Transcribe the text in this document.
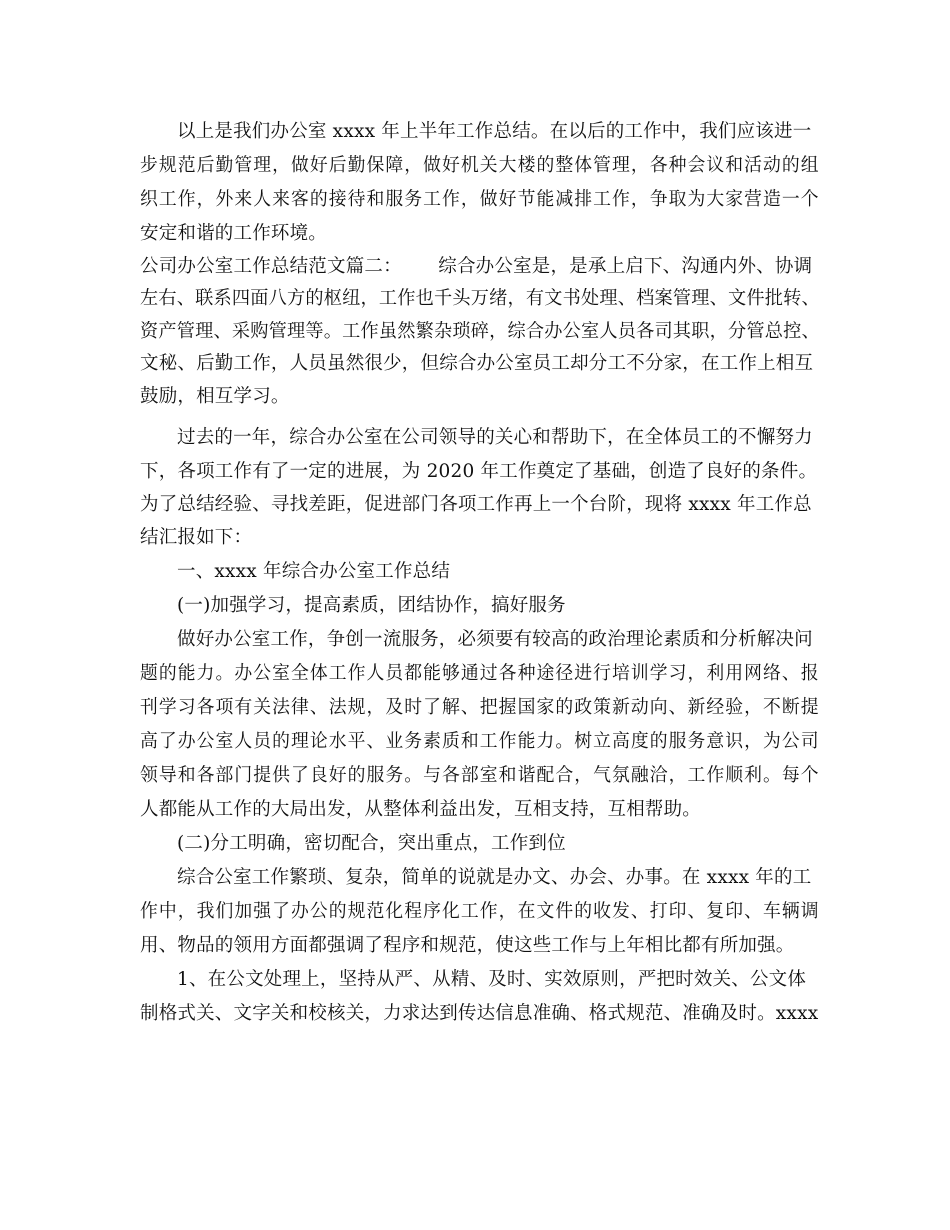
以上是我们办公室 xxxx 年上半年工作总结。在以后的工作中，我们应该进一
步规范后勤管理，做好后勤保障，做好机关大楼的整体管理，各种会议和活动的组
织工作，外来人来客的接待和服务工作，做好节能减排工作，争取为大家营造一个
安定和谐的工作环境。
公司办公室工作总结范文篇二：      综合办公室是，是承上启下、沟通内外、协调
左右、联系四面八方的枢纽，工作也千头万绪，有文书处理、档案管理、文件批转、
资产管理、采购管理等。工作虽然繁杂琐碎，综合办公室人员各司其职，分管总控、
文秘、后勤工作，人员虽然很少，但综合办公室员工却分工不分家，在工作上相互
鼓励，相互学习。
过去的一年，综合办公室在公司领导的关心和帮助下，在全体员工的不懈努力
下，各项工作有了一定的进展，为 2020 年工作奠定了基础，创造了良好的条件。
为了总结经验、寻找差距，促进部门各项工作再上一个台阶，现将 xxxx 年工作总
结汇报如下：
一、xxxx 年综合办公室工作总结
(一)加强学习，提高素质，团结协作，搞好服务
做好办公室工作，争创一流服务，必须要有较高的政治理论素质和分析解决问
题的能力。办公室全体工作人员都能够通过各种途径进行培训学习，利用网络、报
刊学习各项有关法律、法规，及时了解、把握国家的政策新动向、新经验，不断提
高了办公室人员的理论水平、业务素质和工作能力。树立高度的服务意识，为公司
领导和各部门提供了良好的服务。与各部室和谐配合，气氛融洽，工作顺利。每个
人都能从工作的大局出发，从整体利益出发，互相支持，互相帮助。
(二)分工明确，密切配合，突出重点，工作到位
综合公室工作繁琐、复杂，简单的说就是办文、办会、办事。在 xxxx 年的工
作中，我们加强了办公的规范化程序化工作，在文件的收发、打印、复印、车辆调
用、物品的领用方面都强调了程序和规范，使这些工作与上年相比都有所加强。
1、在公文处理上，坚持从严、从精、及时、实效原则，严把时效关、公文体
制格式关、文字关和校核关，力求达到传达信息准确、格式规范、准确及时。xxxx
